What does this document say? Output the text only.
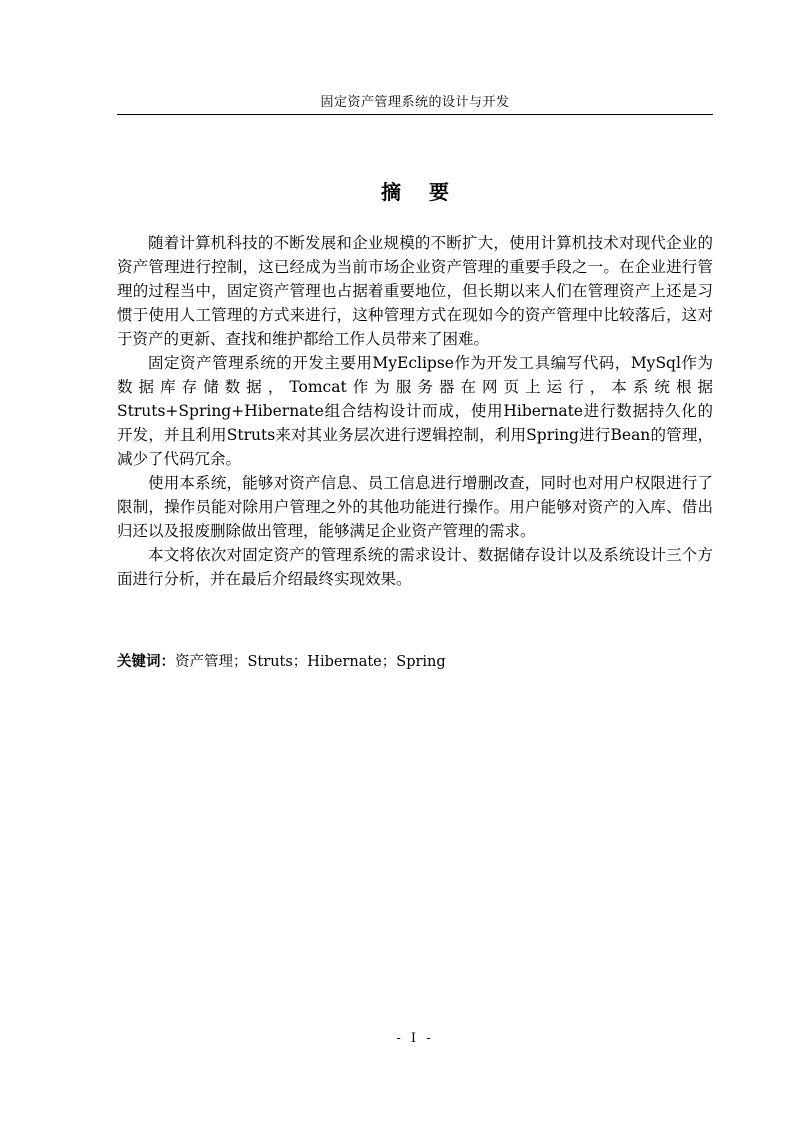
固定资产管理系统的设计与开发
摘要

随着计算机科技的不断发展和企业规模的不断扩大，使用计算机技术对现代企业的资产管理进行控制，这已经成为当前市场企业资产管理的重要手段之一。在企业进行管理的过程当中，固定资产管理也占据着重要地位，但长期以来人们在管理资产上还是习惯于使用人工管理的方式来进行，这种管理方式在现如今的资产管理中比较落后，这对于资产的更新、查找和维护都给工作人员带来了困难。

固定资产管理系统的开发主要用MyEclipse作为开发工具编写代码，MySql作为数据库存储数据，Tomcat作为服务器在网页上运行，本系统根据Struts+Spring+Hibernate组合结构设计而成，使用Hibernate进行数据持久化的开发，并且利用Struts来对其业务层次进行逻辑控制，利用Spring进行Bean的管理，减少了代码冗余。

使用本系统，能够对资产信息、员工信息进行增删改查，同时也对用户权限进行了限制，操作员能对除用户管理之外的其他功能进行操作。用户能够对资产的入库、借出归还以及报废删除做出管理，能够满足企业资产管理的需求。

本文将依次对固定资产的管理系统的需求设计、数据储存设计以及系统设计三个方面进行分析，并在最后介绍最终实现效果。

关键词：资产管理；Struts；Hibernate；Spring
- I -
